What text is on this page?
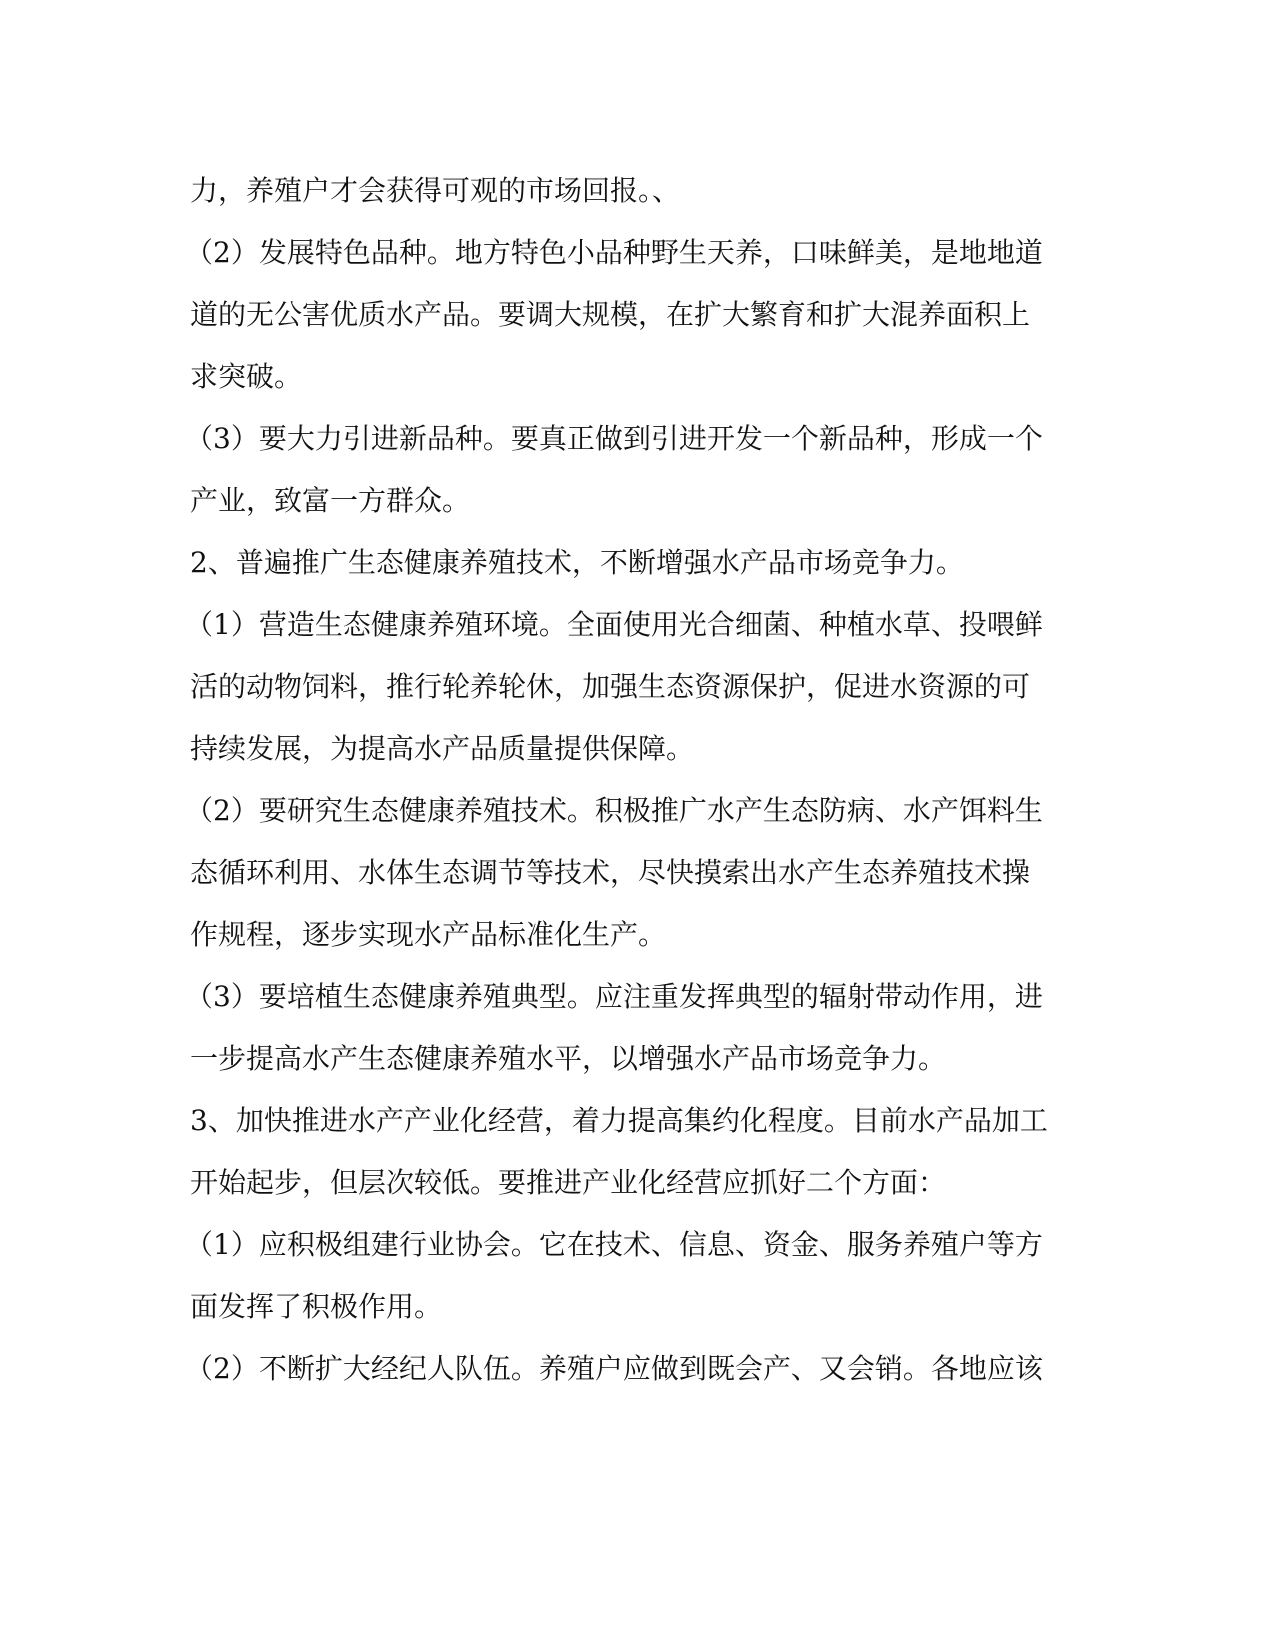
力，养殖户才会获得可观的市场回报。、
（2）发展特色品种。地方特色小品种野生天养，口味鲜美，是地地道
道的无公害优质水产品。要调大规模，在扩大繁育和扩大混养面积上
求突破。
（3）要大力引进新品种。要真正做到引进开发一个新品种，形成一个
产业，致富一方群众。
2、普遍推广生态健康养殖技术，不断增强水产品市场竞争力。
（1）营造生态健康养殖环境。全面使用光合细菌、种植水草、投喂鲜
活的动物饲料，推行轮养轮休，加强生态资源保护，促进水资源的可
持续发展，为提高水产品质量提供保障。
（2）要研究生态健康养殖技术。积极推广水产生态防病、水产饵料生
态循环利用、水体生态调节等技术，尽快摸索出水产生态养殖技术操
作规程，逐步实现水产品标准化生产。
（3）要培植生态健康养殖典型。应注重发挥典型的辐射带动作用，进
一步提高水产生态健康养殖水平，以增强水产品市场竞争力。
3、加快推进水产产业化经营，着力提高集约化程度。目前水产品加工
开始起步，但层次较低。要推进产业化经营应抓好二个方面：
（1）应积极组建行业协会。它在技术、信息、资金、服务养殖户等方
面发挥了积极作用。
（2）不断扩大经纪人队伍。养殖户应做到既会产、又会销。各地应该
